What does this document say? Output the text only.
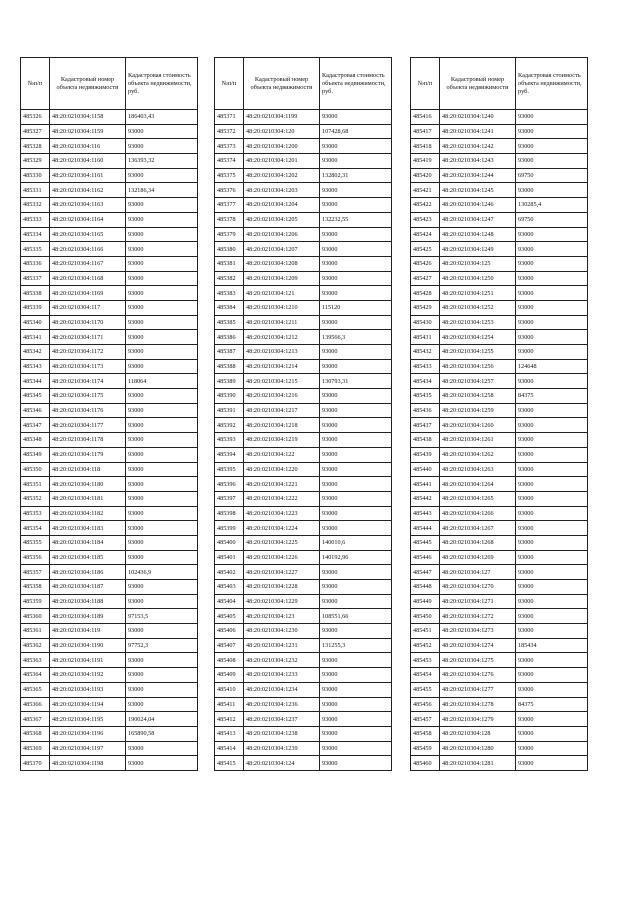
№п/п	Кадастровый номер объекта недвижимости	Кадастровая стоимость объекта недвижимости, руб.
485326	48:20:0210304:1158	186403,43
485327	48:20:0210304:1159	93000
485328	48:20:0210304:116	93000
485329	48:20:0210304:1160	136393,32
485330	48:20:0210304:1161	93000
485331	48:20:0210304:1162	132186,34
485332	48:20:0210304:1163	93000
485333	48:20:0210304:1164	93000
485334	48:20:0210304:1165	93000
485335	48:20:0210304:1166	93000
485336	48:20:0210304:1167	93000
485337	48:20:0210304:1168	93000
485338	48:20:0210304:1169	93000
485339	48:20:0210304:117	93000
485340	48:20:0210304:1170	93000
485341	48:20:0210304:1171	93000
485342	48:20:0210304:1172	93000
485343	48:20:0210304:1173	93000
485344	48:20:0210304:1174	118064
485345	48:20:0210304:1175	93000
485346	48:20:0210304:1176	93000
485347	48:20:0210304:1177	93000
485348	48:20:0210304:1178	93000
485349	48:20:0210304:1179	93000
485350	48:20:0210304:118	93000
485351	48:20:0210304:1180	93000
485352	48:20:0210304:1181	93000
485353	48:20:0210304:1182	93000
485354	48:20:0210304:1183	93000
485355	48:20:0210304:1184	93000
485356	48:20:0210304:1185	93000
485357	48:20:0210304:1186	102436,9
485358	48:20:0210304:1187	93000
485359	48:20:0210304:1188	93000
485360	48:20:0210304:1189	97153,5
485361	48:20:0210304:119	93000
485362	48:20:0210304:1190	97752,3
485363	48:20:0210304:1191	93000
485364	48:20:0210304:1192	93000
485365	48:20:0210304:1193	93000
485366	48:20:0210304:1194	93000
485367	48:20:0210304:1195	190024,04
485368	48:20:0210304:1196	165890,58
485369	48:20:0210304:1197	93000
485370	48:20:0210304:1198	93000
№п/п	Кадастровый номер объекта недвижимости	Кадастровая стоимость объекта недвижимости, руб.
485371	48:20:0210304:1199	93000
485372	48:20:0210304:120	107428,68
485373	48:20:0210304:1200	93000
485374	48:20:0210304:1201	93000
485375	48:20:0210304:1202	132802,31
485376	48:20:0210304:1203	93000
485377	48:20:0210304:1204	93000
485378	48:20:0210304:1205	132232,55
485379	48:20:0210304:1206	93000
485380	48:20:0210304:1207	93000
485381	48:20:0210304:1208	93000
485382	48:20:0210304:1209	93000
485383	48:20:0210304:121	93000
485384	48:20:0210304:1210	115120
485385	48:20:0210304:1211	93000
485386	48:20:0210304:1212	139566,3
485387	48:20:0210304:1213	93000
485388	48:20:0210304:1214	93000
485389	48:20:0210304:1215	130793,31
485390	48:20:0210304:1216	93000
485391	48:20:0210304:1217	93000
485392	48:20:0210304:1218	93000
485393	48:20:0210304:1219	93000
485394	48:20:0210304:122	93000
485395	48:20:0210304:1220	93000
485396	48:20:0210304:1221	93000
485397	48:20:0210304:1222	93000
485398	48:20:0210304:1223	93000
485399	48:20:0210304:1224	93000
485400	48:20:0210304:1225	140010,6
485401	48:20:0210304:1226	140192,96
485402	48:20:0210304:1227	93000
485403	48:20:0210304:1228	93000
485404	48:20:0210304:1229	93000
485405	48:20:0210304:123	108551,66
485406	48:20:0210304:1230	93000
485407	48:20:0210304:1231	131255,3
485408	48:20:0210304:1232	93000
485409	48:20:0210304:1233	93000
485410	48:20:0210304:1234	93000
485411	48:20:0210304:1236	93000
485412	48:20:0210304:1237	93000
485413	48:20:0210304:1238	93000
485414	48:20:0210304:1239	93000
485415	48:20:0210304:124	93000
№п/п	Кадастровый номер объекта недвижимости	Кадастровая стоимость объекта недвижимости, руб.
485416	48:20:0210304:1240	93000
485417	48:20:0210304:1241	93000
485418	48:20:0210304:1242	93000
485419	48:20:0210304:1243	93000
485420	48:20:0210304:1244	69750
485421	48:20:0210304:1245	93000
485422	48:20:0210304:1246	130285,4
485423	48:20:0210304:1247	69750
485424	48:20:0210304:1248	93000
485425	48:20:0210304:1249	93000
485426	48:20:0210304:125	93000
485427	48:20:0210304:1250	93000
485428	48:20:0210304:1251	93000
485429	48:20:0210304:1252	93000
485430	48:20:0210304:1253	93000
485431	48:20:0210304:1254	93000
485432	48:20:0210304:1255	93000
485433	48:20:0210304:1256	124648
485434	48:20:0210304:1257	93000
485435	48:20:0210304:1258	84375
485436	48:20:0210304:1259	93000
485437	48:20:0210304:1260	93000
485438	48:20:0210304:1261	93000
485439	48:20:0210304:1262	93000
485440	48:20:0210304:1263	93000
485441	48:20:0210304:1264	93000
485442	48:20:0210304:1265	93000
485443	48:20:0210304:1266	93000
485444	48:20:0210304:1267	93000
485445	48:20:0210304:1268	93000
485446	48:20:0210304:1269	93000
485447	48:20:0210304:127	93000
485448	48:20:0210304:1270	93000
485449	48:20:0210304:1271	93000
485450	48:20:0210304:1272	93000
485451	48:20:0210304:1273	93000
485452	48:20:0210304:1274	185434
485453	48:20:0210304:1275	93000
485454	48:20:0210304:1276	93000
485455	48:20:0210304:1277	93000
485456	48:20:0210304:1278	84375
485457	48:20:0210304:1279	93000
485458	48:20:0210304:128	93000
485459	48:20:0210304:1280	93000
485460	48:20:0210304:1281	93000
